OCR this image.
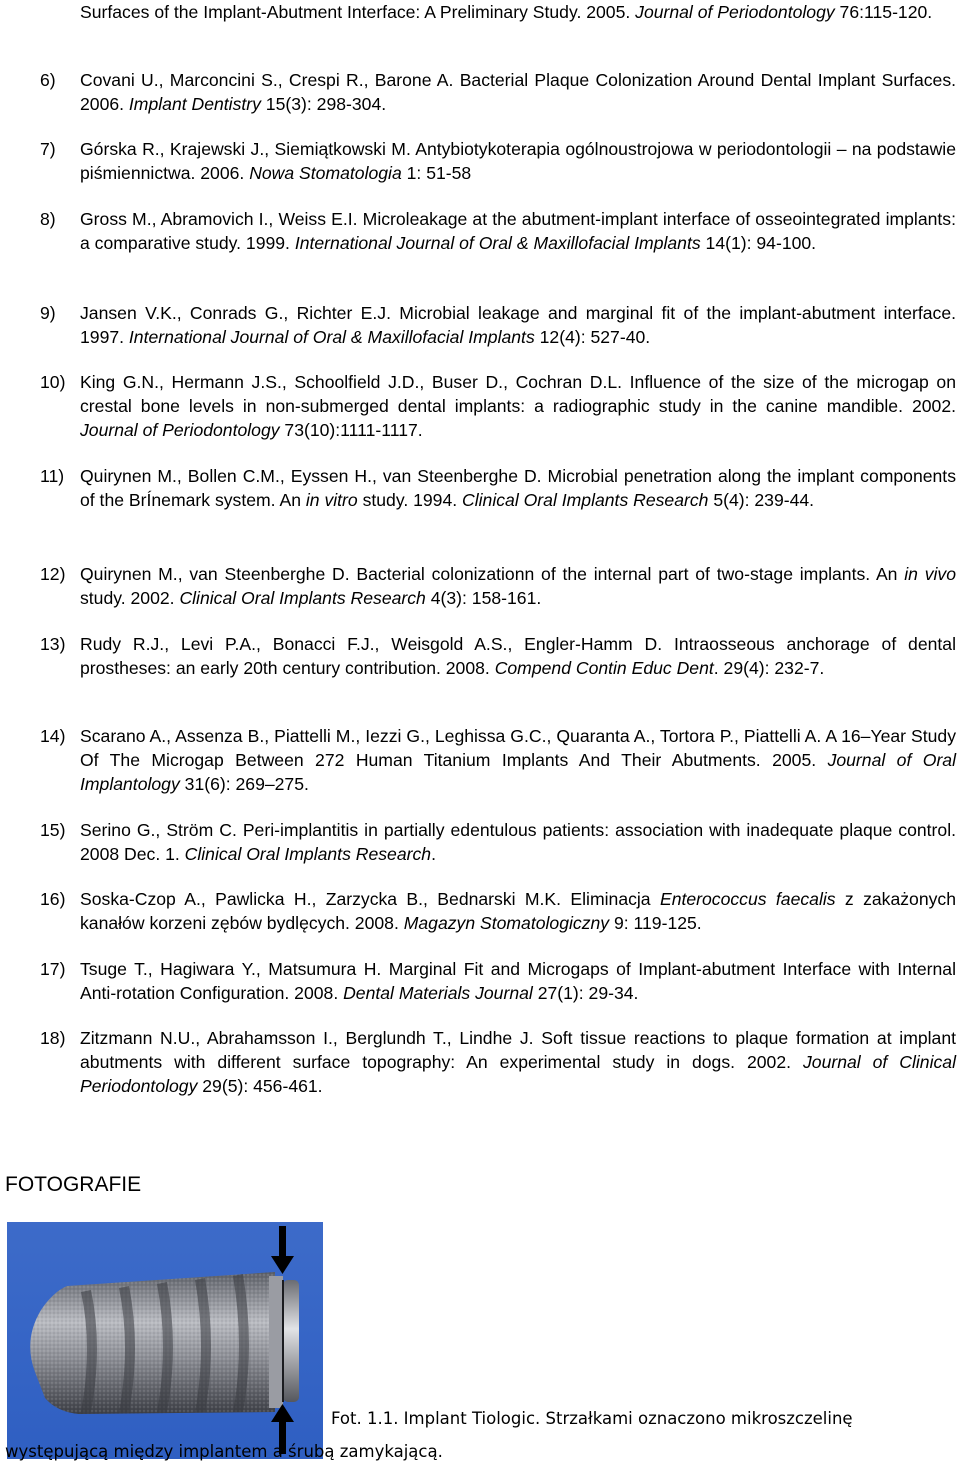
Surfaces of the Implant-Abutment Interface: A Preliminary Study. 2005. Journal of Periodontology 76:115-120.
6) Covani U., Marconcini S., Crespi R., Barone A. Bacterial Plaque Colonization Around Dental Implant Surfaces. 2006. Implant Dentistry 15(3): 298-304.
7) Górska R., Krajewski J., Siemiątkowski M. Antybiotykoterapia ogólnoustrojowa w periodontologii – na podstawie piśmiennictwa. 2006. Nowa Stomatologia 1: 51-58
8) Gross M., Abramovich I., Weiss E.I. Microleakage at the abutment-implant interface of osseointegrated implants: a comparative study. 1999. International Journal of Oral & Maxillofacial Implants 14(1): 94-100.
9) Jansen V.K., Conrads G., Richter E.J. Microbial leakage and marginal fit of the implant-abutment interface. 1997. International Journal of Oral & Maxillofacial Implants 12(4): 527-40.
10) King G.N., Hermann J.S., Schoolfield J.D., Buser D., Cochran D.L. Influence of the size of the microgap on crestal bone levels in non-submerged dental implants: a radiographic study in the canine mandible. 2002. Journal of Periodontology 73(10):1111-1117.
11) Quirynen M., Bollen C.M., Eyssen H., van Steenberghe D. Microbial penetration along the implant components of the BrÍnemark system. An in vitro study. 1994. Clinical Oral Implants Research 5(4): 239-44.
12) Quirynen M., van Steenberghe D. Bacterial colonizationn of the internal part of two-stage implants. An in vivo study. 2002. Clinical Oral Implants Research 4(3): 158-161.
13) Rudy R.J., Levi P.A., Bonacci F.J., Weisgold A.S., Engler-Hamm D. Intraosseous anchorage of dental prostheses: an early 20th century contribution. 2008. Compend Contin Educ Dent. 29(4): 232-7.
14) Scarano A., Assenza B., Piattelli M., Iezzi G., Leghissa G.C., Quaranta A., Tortora P., Piattelli A. A 16–Year Study Of The Microgap Between 272 Human Titanium Implants And Their Abutments. 2005. Journal of Oral Implantology 31(6): 269–275.
15) Serino G., Ström C. Peri-implantitis in partially edentulous patients: association with inadequate plaque control. 2008 Dec. 1. Clinical Oral Implants Research.
16) Soska-Czop A., Pawlicka H., Zarzycka B., Bednarski M.K. Eliminacja Enterococcus faecalis z zakażonych kanałów korzeni zębów bydlęcych. 2008. Magazyn Stomatologiczny 9: 119-125.
17) Tsuge T., Hagiwara Y., Matsumura H. Marginal Fit and Microgaps of Implant-abutment Interface with Internal Anti-rotation Configuration. 2008. Dental Materials Journal 27(1): 29-34.
18) Zitzmann N.U., Abrahamsson I., Berglundh T., Lindhe J. Soft tissue reactions to plaque formation at implant abutments with different surface topography: An experimental study in dogs. 2002. Journal of Clinical Periodontology 29(5): 456-461.
FOTOGRAFIE
Fot. 1.1. Implant Tiologic. Strzałkami oznaczono mikroszczelinę
występującą między implantem a śrubą zamykającą.
